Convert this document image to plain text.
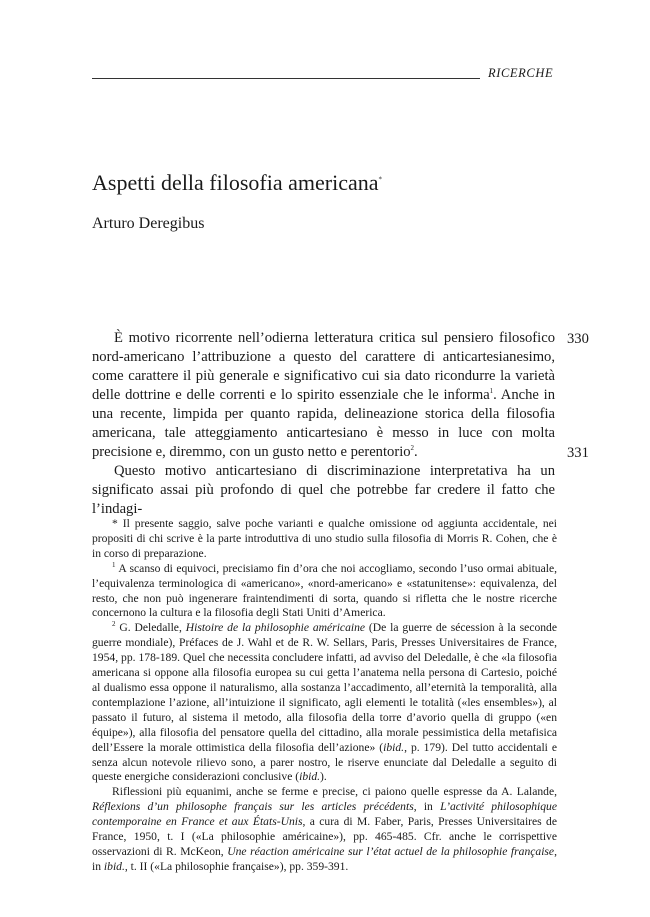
RICERCHE
Aspetti della filosofia americana*
Arturo Deregibus
330
331

È motivo ricorrente nell’odierna letteratura critica sul pensiero filosofico nord-americano l’attribuzione a questo del carattere di anticartesianesimo, come carattere il più generale e significativo cui sia dato ricondurre la varietà delle dottrine e delle correnti e lo spirito essenziale che le informa$^1$. Anche in una recente, limpida per quanto rapida, delineazione storica della filosofia americana, tale atteggiamento anticartesiano è messo in luce con molta precisione e, diremmo, con un gusto netto e perentorio$^2$.

Questo motivo anticartesiano di discriminazione interpretativa ha un significato assai più profondo di quel che potrebbe far credere il fatto che l’indagi-

* Il presente saggio, salve poche varianti e qualche omissione od aggiunta accidentale, nei propositi di chi scrive è la parte introduttiva di uno studio sulla filosofia di Morris R. Cohen, che è in corso di preparazione.

$^1$ A scanso di equivoci, precisiamo fin d’ora che noi accogliamo, secondo l’uso ormai abituale, l’equivalenza terminologica di «americano», «nord-americano» e «statunitense»: equivalenza, del resto, che non può ingenerare fraintendimenti di sorta, quando si rifletta che le nostre ricerche concernono la cultura e la filosofia degli Stati Uniti d’America.

$^2$ G. Deledalle, Histoire de la philosophie américaine (De la guerre de sécession à la seconde guerre mondiale), Préfaces de J. Wahl et de R. W. Sellars, Paris, Presses Universitaires de France, 1954, pp. 178-189. Quel che necessita concludere infatti, ad avviso del Deledalle, è che «la filosofia americana si oppone alla filosofia europea su cui getta l’anatema nella persona di Cartesio, poiché al dualismo essa oppone il naturalismo, alla sostanza l’accadimento, all’eternità la temporalità, alla contemplazione l’azione, all’intuizione il significato, agli elementi le totalità («les ensembles»), al passato il futuro, al sistema il metodo, alla filosofia della torre d’avorio quella di gruppo («en équipe»), alla filosofia del pensatore quella del cittadino, alla morale pessimistica della metafisica dell’Essere la morale ottimistica della filosofia dell’azione» (ibid., p. 179). Del tutto accidentali e senza alcun notevole rilievo sono, a parer nostro, le riserve enunciate dal Deledalle a seguito di queste energiche considerazioni conclusive (ibid.).

Riflessioni più equanimi, anche se ferme e precise, ci paiono quelle espresse da A. Lalande, Réflexions d’un philosophe français sur les articles précédents, in L’activité philosophique contemporaine en France et aux États-Unis, a cura di M. Faber, Paris, Presses Universitaires de France, 1950, t. I («La philosophie américaine»), pp. 465-485. Cfr. anche le corrispettive osservazioni di R. McKeon, Une réaction américaine sur l’état actuel de la philosophie française, in ibid., t. II («La philosophie française»), pp. 359-391.
